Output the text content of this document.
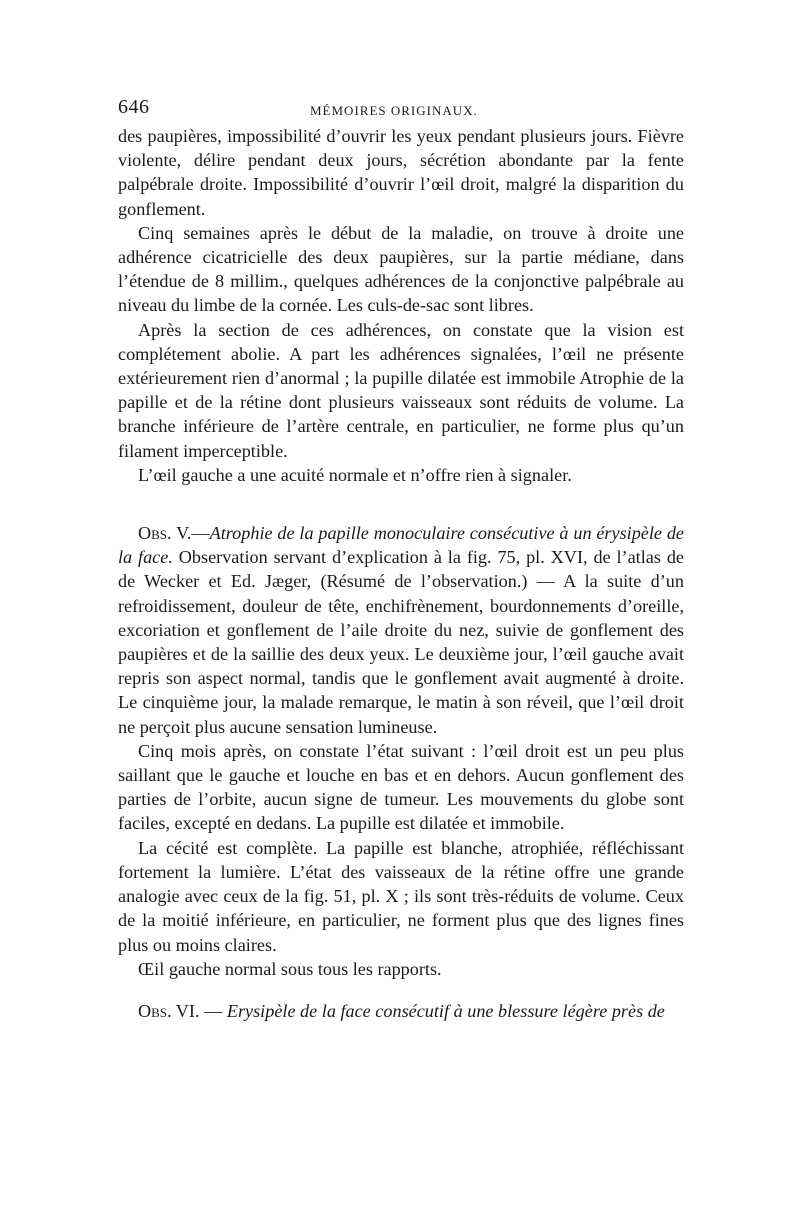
646	MÉMOIRES ORIGINAUX.

des paupières, impossibilité d’ouvrir les yeux pendant plusieurs jours. Fièvre violente, délire pendant deux jours, sécrétion abondante par la fente palpébrale droite. Impossibilité d’ouvrir l’œil droit, malgré la disparition du gonflement.

Cinq semaines après le début de la maladie, on trouve à droite une adhérence cicatricielle des deux paupières, sur la partie médiane, dans l’étendue de 8 millim., quelques adhérences de la conjonctive palpébrale au niveau du limbe de la cornée. Les culs-de-sac sont libres.

Après la section de ces adhérences, on constate que la vision est complétement abolie. A part les adhérences signalées, l’œil ne présente extérieurement rien d’anormal ; la pupille dilatée est immobile Atrophie de la papille et de la rétine dont plusieurs vaisseaux sont réduits de volume. La branche inférieure de l’artère centrale, en particulier, ne forme plus qu’un filament imperceptible.

L’œil gauche a une acuité normale et n’offre rien à signaler.

Obs. V.—Atrophie de la papille monoculaire consécutive à un érysipèle de la face. Observation servant d’explication à la fig. 75, pl. XVI, de l’atlas de de Wecker et Ed. Jæger, (Résumé de l’observation.) — A la suite d’un refroidissement, douleur de tête, enchifrènement, bourdonnements d’oreille, excoriation et gonflement de l’aile droite du nez, suivie de gonflement des paupières et de la saillie des deux yeux. Le deuxième jour, l’œil gauche avait repris son aspect normal, tandis que le gonflement avait augmenté à droite. Le cinquième jour, la malade remarque, le matin à son réveil, que l’œil droit ne perçoit plus aucune sensation lumineuse.

Cinq mois après, on constate l’état suivant : l’œil droit est un peu plus saillant que le gauche et louche en bas et en dehors. Aucun gonflement des parties de l’orbite, aucun signe de tumeur. Les mouvements du globe sont faciles, excepté en dedans. La pupille est dilatée et immobile.

La cécité est complète. La papille est blanche, atrophiée, réfléchissant fortement la lumière. L’état des vaisseaux de la rétine offre une grande analogie avec ceux de la fig. 51, pl. X ; ils sont très-réduits de volume. Ceux de la moitié inférieure, en particulier, ne forment plus que des lignes fines plus ou moins claires.

Œil gauche normal sous tous les rapports.

Obs. VI. — Erysipèle de la face consécutif à une blessure légère près de
